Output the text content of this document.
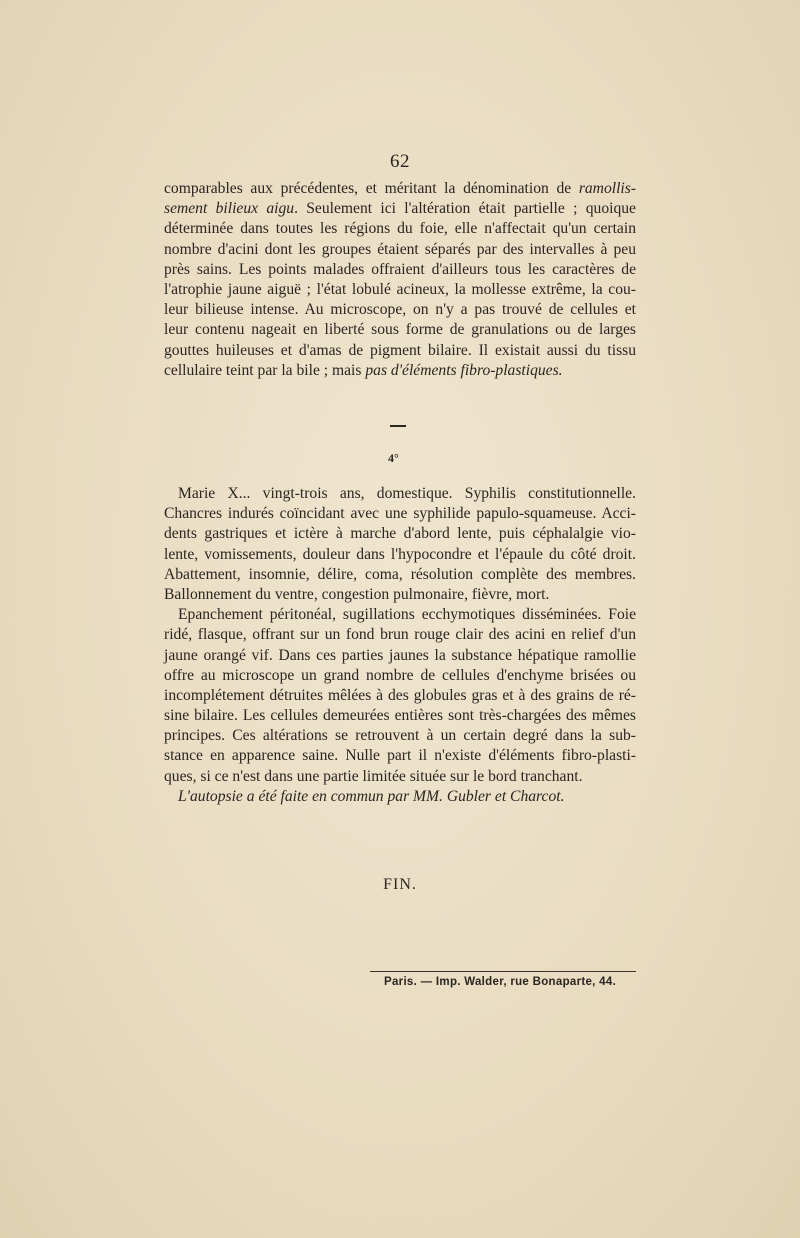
62
comparables aux précédentes, et méritant la dénomination de ramollis-
sement bilieux aigu. Seulement ici l'altération était partielle ; quoique
déterminée dans toutes les régions du foie, elle n'affectait qu'un certain
nombre d'acini dont les groupes étaient séparés par des intervalles à peu
près sains. Les points malades offraient d'ailleurs tous les caractères de
l'atrophie jaune aiguë ; l'état lobulé acineux, la mollesse extrême, la cou-
leur bilieuse intense. Au microscope, on n'y a pas trouvé de cellules et
leur contenu nageait en liberté sous forme de granulations ou de larges
gouttes huileuses et d'amas de pigment bilaire. Il existait aussi du tissu
cellulaire teint par la bile ; mais pas d'éléments fibro-plastiques.
4°
Marie X... vingt-trois ans, domestique. Syphilis constitutionnelle.
Chancres indurés coïncidant avec une syphilide papulo-squameuse. Acci-
dents gastriques et ictère à marche d'abord lente, puis céphalalgie vio-
lente, vomissements, douleur dans l'hypocondre et l'épaule du côté droit.
Abattement, insomnie, délire, coma, résolution complète des membres.
Ballonnement du ventre, congestion pulmonaire, fièvre, mort.
Epanchement péritonéal, sugillations ecchymotiques disséminées. Foie
ridé, flasque, offrant sur un fond brun rouge clair des acini en relief d'un
jaune orangé vif. Dans ces parties jaunes la substance hépatique ramollie
offre au microscope un grand nombre de cellules d'enchyme brisées ou
incomplétement détruites mêlées à des globules gras et à des grains de ré-
sine bilaire. Les cellules demeurées entières sont très-chargées des mêmes
principes. Ces altérations se retrouvent à un certain degré dans la sub-
stance en apparence saine. Nulle part il n'existe d'éléments fibro-plasti-
ques, si ce n'est dans une partie limitée située sur le bord tranchant.
L'autopsie a été faite en commun par MM. Gubler et Charcot.
FIN.
Paris. — Imp. Walder, rue Bonaparte, 44.
